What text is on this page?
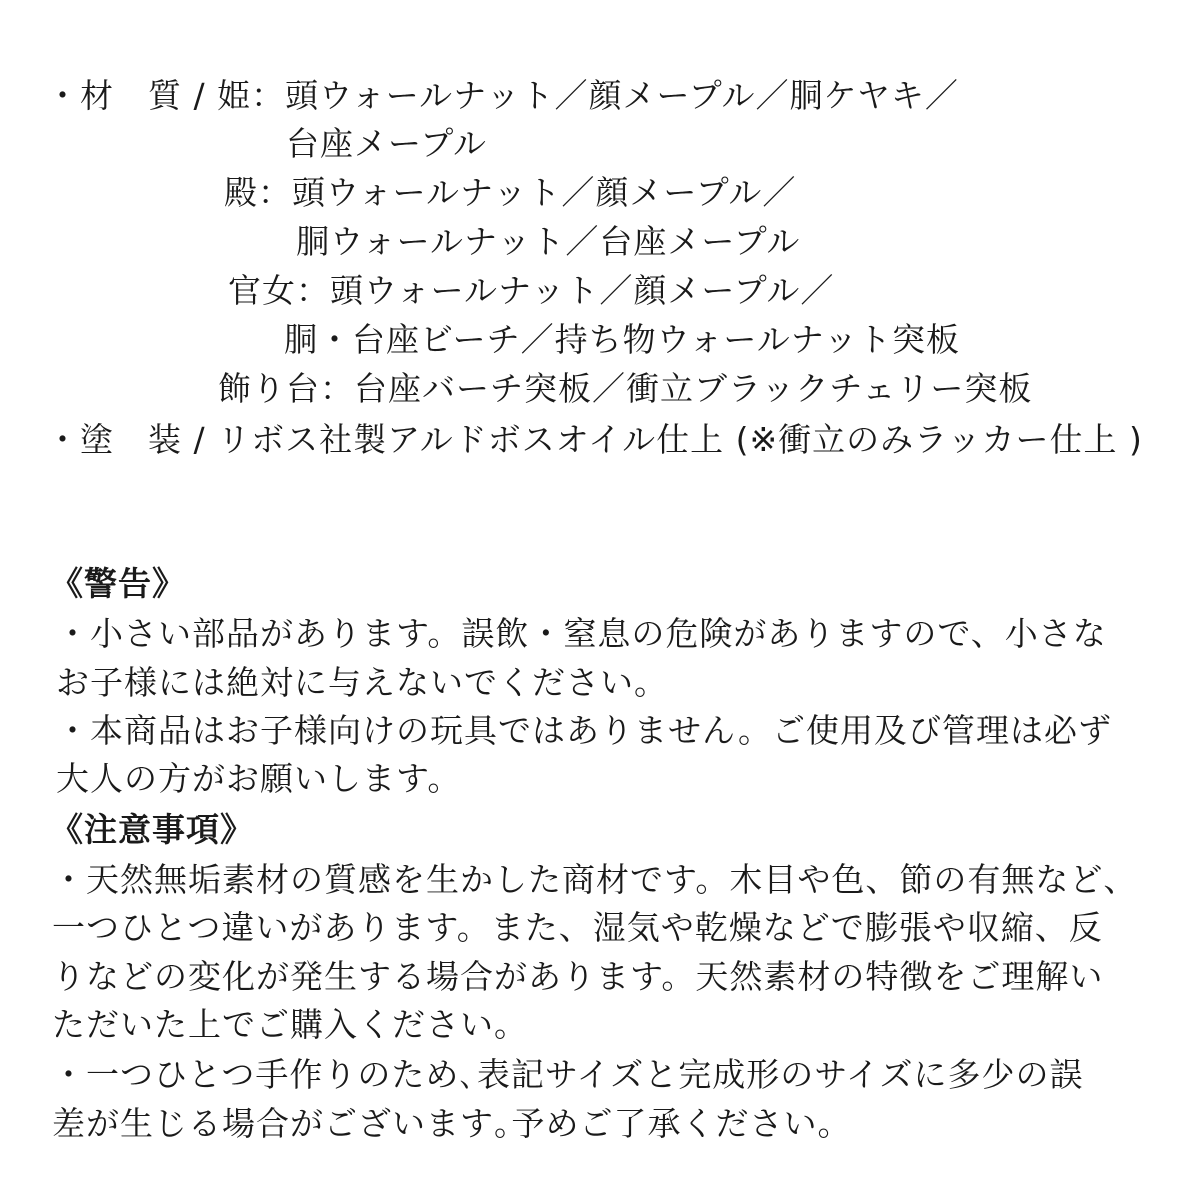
・材　質 / 姫：頭ウォールナット／顔メープル／胴ケヤキ／
台座メープル
殿：頭ウォールナット／顔メープル／
胴ウォールナット／台座メープル
官女：頭ウォールナット／顔メープル／
胴・台座ビーチ／持ち物ウォールナット突板
飾り台：台座バーチ突板／衝立ブラックチェリー突板
・塗　装 / リボス社製アルドボスオイル仕上 (※衝立のみラッカー仕上 )
《警告》
・小さい部品があります。誤飲・窒息の危険がありますので、小さな
お子様には絶対に与えないでください。
・本商品はお子様向けの玩具ではありません。ご使用及び管理は必ず
大人の方がお願いします。
《注意事項》
・天然無垢素材の質感を生かした商材です。木目や色、節の有無など、
一つひとつ違いがあります。また、湿気や乾燥などで膨張や収縮、反
りなどの変化が発生する場合があります。天然素材の特徴をご理解い
ただいた上でご購入ください。
・一つひとつ手作りのため､表記サイズと完成形のサイズに多少の誤
差が生じる場合がございます｡予めご了承ください。
